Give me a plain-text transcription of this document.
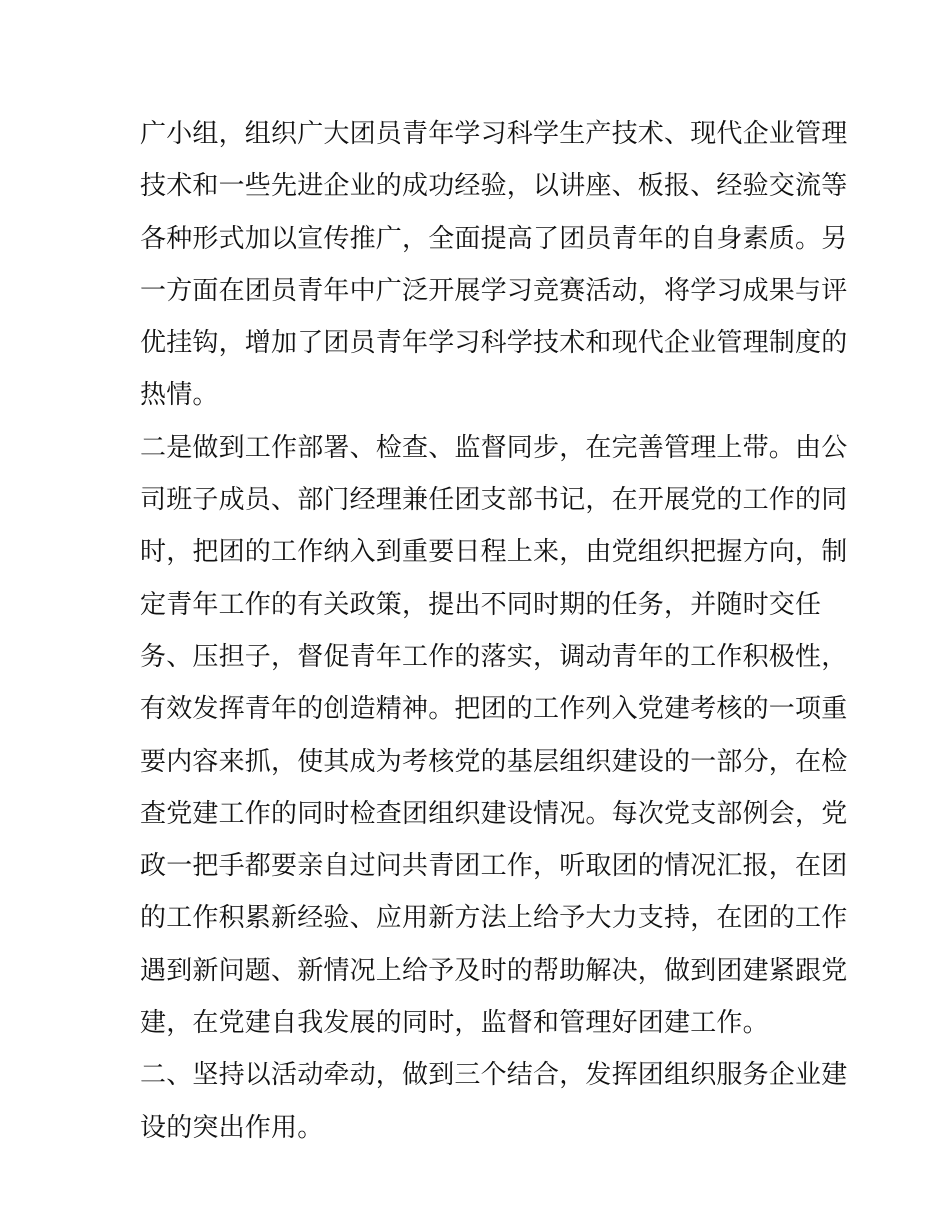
广小组，组织广大团员青年学习科学生产技术、现代企业管理
技术和一些先进企业的成功经验，以讲座、板报、经验交流等
各种形式加以宣传推广，全面提高了团员青年的自身素质。另
一方面在团员青年中广泛开展学习竞赛活动，将学习成果与评
优挂钩，增加了团员青年学习科学技术和现代企业管理制度的
热情。
二是做到工作部署、检查、监督同步，在完善管理上带。由公
司班子成员、部门经理兼任团支部书记，在开展党的工作的同
时，把团的工作纳入到重要日程上来，由党组织把握方向，制
定青年工作的有关政策，提出不同时期的任务，并随时交任
务、压担子，督促青年工作的落实，调动青年的工作积极性，
有效发挥青年的创造精神。把团的工作列入党建考核的一项重
要内容来抓，使其成为考核党的基层组织建设的一部分，在检
查党建工作的同时检查团组织建设情况。每次党支部例会，党
政一把手都要亲自过问共青团工作，听取团的情况汇报，在团
的工作积累新经验、应用新方法上给予大力支持，在团的工作
遇到新问题、新情况上给予及时的帮助解决，做到团建紧跟党
建，在党建自我发展的同时，监督和管理好团建工作。
二、坚持以活动牵动，做到三个结合，发挥团组织服务企业建
设的突出作用。
